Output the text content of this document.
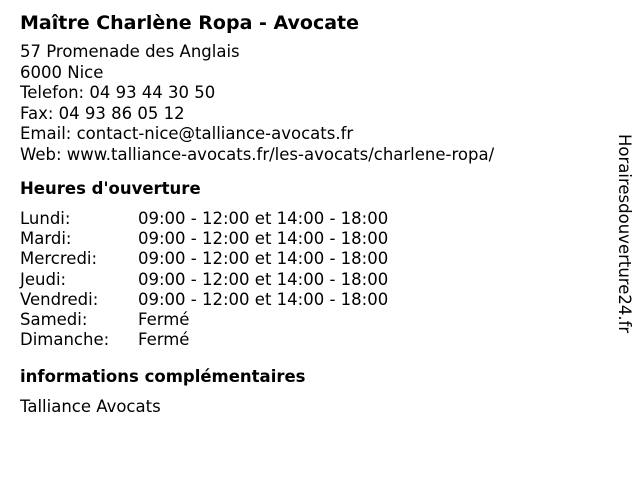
Maître Charlène Ropa - Avocate
57 Promenade des Anglais
6000 Nice
Telefon: 04 93 44 30 50
Fax: 04 93 86 05 12
Email: contact-nice@talliance-avocats.fr
Web: www.talliance-avocats.fr/les-avocats/charlene-ropa/
Heures d'ouverture
Lundi:	09:00 - 12:00 et 14:00 - 18:00
Mardi:	09:00 - 12:00 et 14:00 - 18:00
Mercredi:	09:00 - 12:00 et 14:00 - 18:00
Jeudi:	09:00 - 12:00 et 14:00 - 18:00
Vendredi:	09:00 - 12:00 et 14:00 - 18:00
Samedi:	Fermé
Dimanche:	Fermé
informations complémentaires
Talliance Avocats
Horairesdouverture24.fr
